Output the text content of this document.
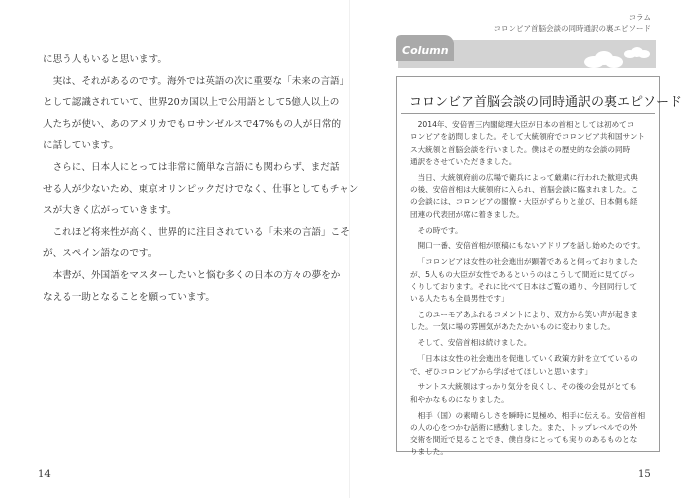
に思う人もいると思います。

実は、それがあるのです。海外では英語の次に重要な「未来の言語」

として認識されていて、世界20カ国以上で公用語として5億人以上の

人たちが使い、あのアメリカでもロサンゼルスで47%もの人が日常的

に話しています。

さらに、日本人にとっては非常に簡単な言語にも関わらず、まだ話

せる人が少ないため、東京オリンピックだけでなく、仕事としてもチャン

スが大きく広がっていきます。

これほど将来性が高く、世界的に注目されている「未来の言語」こそ

が、スペイン語なのです。

本書が、外国語をマスターしたいと悩む多くの日本の方々の夢をか

なえる一助となることを願っています。

14
コラム
コロンビア首脳会談の同時通訳の裏エピソード
Column
コロンビア首脳会談の同時通訳の裏エピソード

2014年、安倍晋三内閣総理大臣が日本の首相としては初めてコ
ロンビアを訪問しました。そして大統領府でコロンビア共和国サント
ス大統領と首脳会談を行いました。僕はその歴史的な会談の同時
通訳をさせていただきました。

当日、大統領府前の広場で衛兵によって厳粛に行われた歓迎式典
の後、安倍首相は大統領府に入られ、首脳会談に臨まれました。こ
の会談には、コロンビアの閣僚・大臣がずらりと並び、日本側も経
団連の代表団が席に着きました。

その時です。

開口一番、安倍首相が原稿にもないアドリブを話し始めたのです。

「コロンビアは女性の社会進出が顕著であると伺っておりました
が、5人もの大臣が女性であるというのはこうして間近に見てびっ
くりしております。それに比べて日本はご覧の通り、今回同行して
いる人たちも全員男性です」

このユーモアあふれるコメントにより、双方から笑い声が起きま
した。一気に場の雰囲気があたたかいものに変わりました。

そして、安倍首相は続けました。

「日本は女性の社会進出を促進していく政策方針を立てているの
で、ぜひコロンビアから学ばせてほしいと思います」

サントス大統領はすっかり気分を良くし、その後の会見がとても
和やかなものになりました。

相手（国）の素晴らしさを瞬時に見極め、相手に伝える。安倍首相
の人の心をつかむ話術に感動しました。また、トップレベルでの外
交術を間近で見ることでき、僕自身にとっても実りのあるものとな
りました。

15
